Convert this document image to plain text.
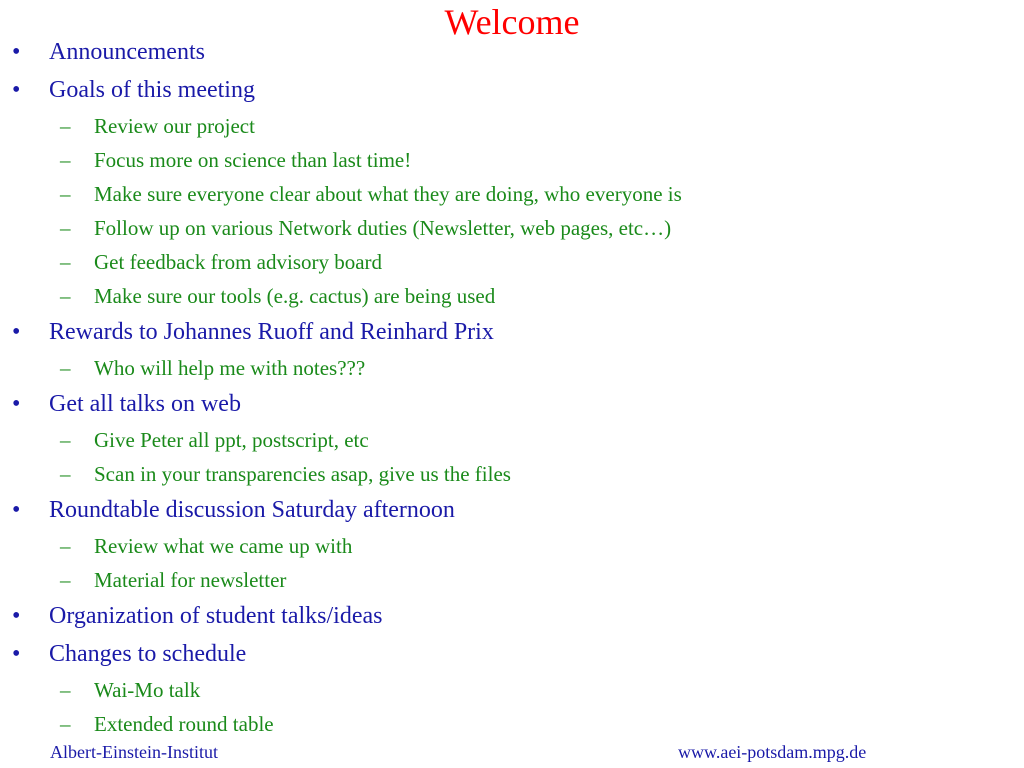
Welcome
• Announcements
• Goals of this meeting
– Review our project
– Focus more on science than last time!
– Make sure everyone clear about what they are doing, who everyone is
– Follow up on various Network duties (Newsletter, web pages, etc…)
– Get feedback from advisory board
– Make sure our tools (e.g. cactus) are being used
• Rewards to Johannes Ruoff and Reinhard Prix
– Who will help me with notes???
• Get all talks on web
– Give Peter all ppt, postscript, etc
– Scan in your transparencies asap, give us the files
• Roundtable discussion Saturday afternoon
– Review what we came up with
– Material for newsletter
• Organization of student talks/ideas
• Changes to schedule
– Wai-Mo talk
– Extended round table
Albert-Einstein-Institut	www.aei-potsdam.mpg.de
